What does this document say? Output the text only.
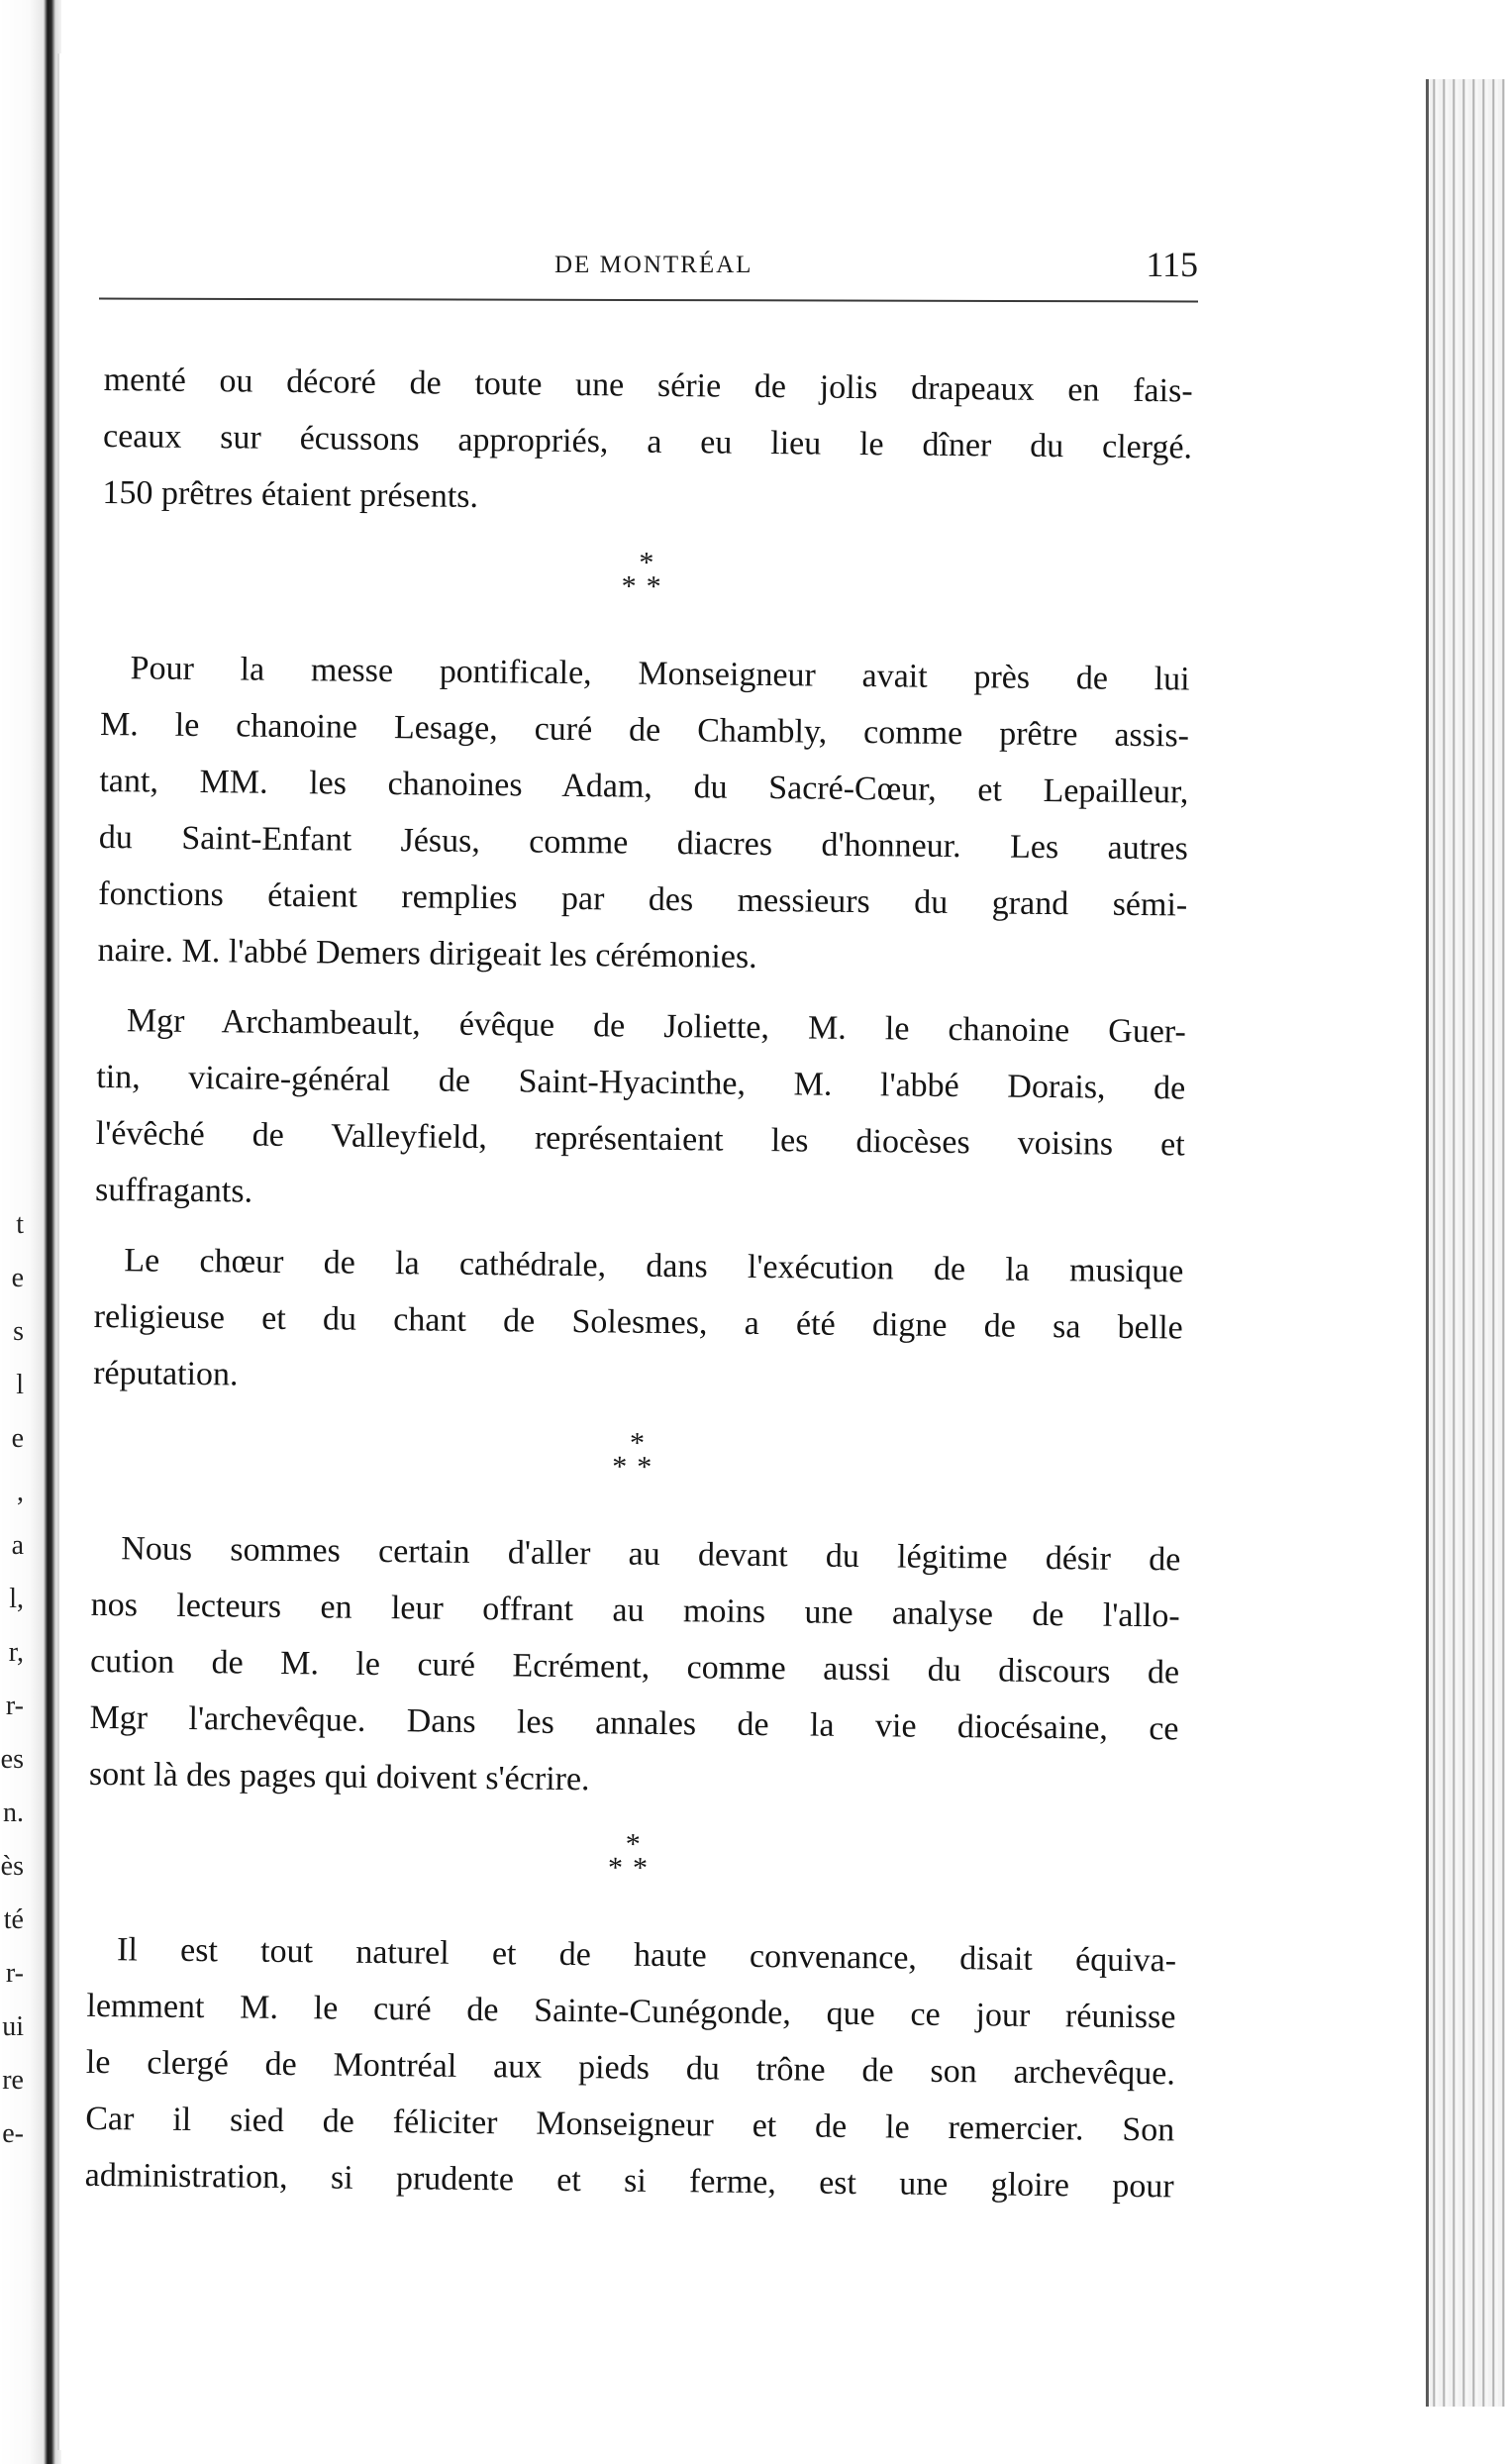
t
e
s
l
e
,
a
l,
r,
r-
es
n.
ès
té
r-
ui
re
e-
DE MONTRÉAL	115

menté ou décoré de toute une série de jolis drapeaux en fais-
ceaux sur écussons appropriés, a eu lieu le dîner du clergé.
150 prêtres étaient présents.

*
**

Pour la messe pontificale, Monseigneur avait près de lui
M. le chanoine Lesage, curé de Chambly, comme prêtre assis-
tant, MM. les chanoines Adam, du Sacré-Cœur, et Lepailleur,
du Saint-Enfant Jésus, comme diacres d'honneur. Les autres
fonctions étaient remplies par des messieurs du grand sémi-
naire. M. l'abbé Demers dirigeait les cérémonies.

Mgr Archambeault, évêque de Joliette, M. le chanoine Guer-
tin, vicaire-général de Saint-Hyacinthe, M. l'abbé Dorais, de
l'évêché de Valleyfield, représentaient les diocèses voisins et
suffragants.

Le chœur de la cathédrale, dans l'exécution de la musique
religieuse et du chant de Solesmes, a été digne de sa belle
réputation.

*
**

Nous sommes certain d'aller au devant du légitime désir de
nos lecteurs en leur offrant au moins une analyse de l'allo-
cution de M. le curé Ecrément, comme aussi du discours de
Mgr l'archevêque. Dans les annales de la vie diocésaine, ce
sont là des pages qui doivent s'écrire.

*
**

Il est tout naturel et de haute convenance, disait équiva-
lemment M. le curé de Sainte-Cunégonde, que ce jour réunisse
le clergé de Montréal aux pieds du trône de son archevêque.
Car il sied de féliciter Monseigneur et de le remercier. Son
administration, si prudente et si ferme, est une gloire pour
